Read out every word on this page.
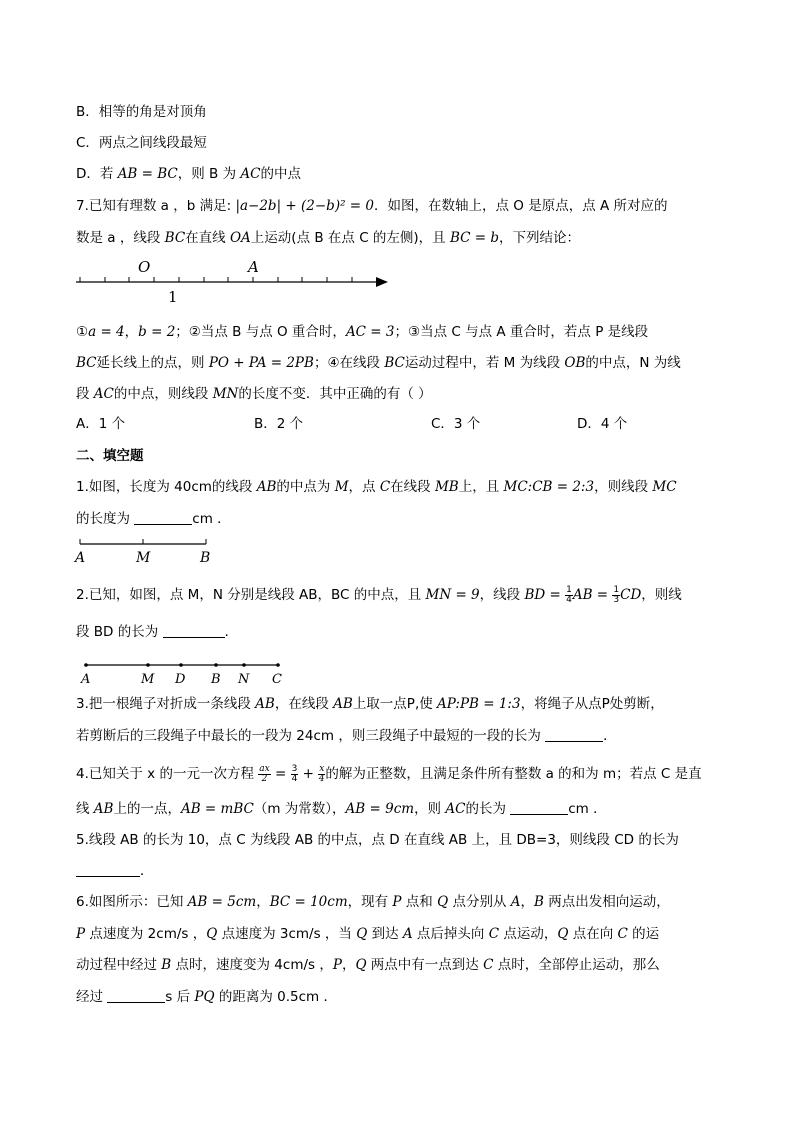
B．相等的角是对顶角
C．两点之间线段最短
D．若 AB = BC，则 B 为 AC的中点
7.已知有理数 a ，b 满足: |a−2b| + (2−b)² = 0．如图，在数轴上，点 O 是原点，点 A 所对应的
数是 a ，线段 BC在直线 OA上运动(点 B 在点 C 的左侧)，且 BC = b，下列结论：
O	A
1
①a = 4，b = 2；②当点 B 与点 O 重合时，AC = 3；③当点 C 与点 A 重合时，若点 P 是线段
BC延长线上的点，则 PO + PA = 2PB；④在线段 BC运动过程中，若 M 为线段 OB的中点，N 为线
段 AC的中点，则线段 MN的长度不变．其中正确的有（ ）
A．1 个	B．2 个	C．3 个	D．4 个
二、填空题
1.如图，长度为 40cm的线段 AB的中点为 M，点 C在线段 MB上，且 MC:CB = 2:3，则线段 MC
的长度为	cm ．
A	M	B
2.已知，如图，点 M，N 分别是线段 AB，BC 的中点，且 MN = 9，线段 BD = $\frac{1}{4}$ AB = $\frac{1}{3}$ CD，则线
段 BD 的长为	.
A	M D B N C
3.把一根绳子对折成一条线段 AB，在线段 AB上取一点P,使 AP:PB = 1:3，将绳子从点P处剪断，
若剪断后的三段绳子中最长的一段为 24cm ，则三段绳子中最短的一段的长为	．
4.已知关于 x 的一元一次方程 $\frac{ax}{2} = \frac{3}{4} + \frac{x}{4}$ 的解为正整数，且满足条件所有整数 a 的和为 m；若点 C 是直
线 AB上的一点，AB = mBC（m 为常数），AB = 9cm，则 AC的长为	cm ．
5.线段 AB 的长为 10，点 C 为线段 AB 的中点，点 D 在直线 AB 上，且 DB=3，则线段 CD 的长为
．
6.如图所示：已知 AB = 5cm，BC = 10cm，现有 P 点和 Q 点分别从 A，B 两点出发相向运动，
P 点速度为 2cm/s ，Q 点速度为 3cm/s ，当 Q 到达 A 点后掉头向 C 点运动，Q 点在向 C 的运
动过程中经过 B 点时，速度变为 4cm/s ，P，Q 两点中有一点到达 C 点时，全部停止运动，那么
经过	s 后 PQ 的距离为 0.5cm ．
